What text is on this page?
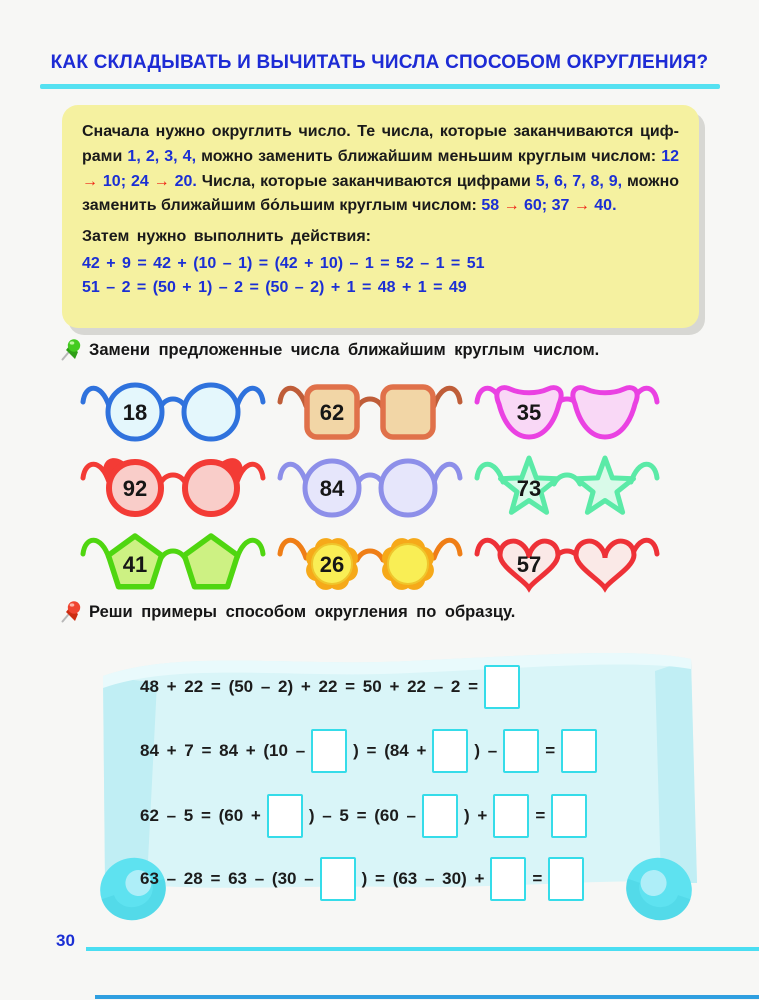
КАК СКЛАДЫВАТЬ И ВЫЧИТАТЬ ЧИСЛА СПОСОБОМ ОКРУГЛЕНИЯ?
Сначала нужно округлить число. Те числа, которые заканчиваются цифрами 1, 2, 3, 4, можно заменить ближайшим меньшим круглым числом: 12 → 10; 24 → 20. Числа, которые заканчиваются цифрами 5, 6, 7, 8, 9, можно заменить ближайшим бо́льшим круглым числом: 58 → 60; 37 → 40.
Затем нужно выполнить действия:
42 + 9 = 42 + (10 – 1) = (42 + 10) – 1 = 52 – 1 = 51
51 – 2 = (50 + 1) – 2 = (50 – 2) + 1 = 48 + 1 = 49
Замени предложенные числа ближайшим круглым числом.
18	62	35
92	84	73
41	26	57
Реши примеры способом округления по образцу.
48 + 22 = (50 – 2) + 22 = 50 + 22 – 2 =
84 + 7 = 84 + (10 –	) = (84 +	) –	=
62 – 5 = (60 +	) – 5 = (60 –	) +	=
63 – 28 = 63 – (30 –	) = (63 – 30) +	=
30
